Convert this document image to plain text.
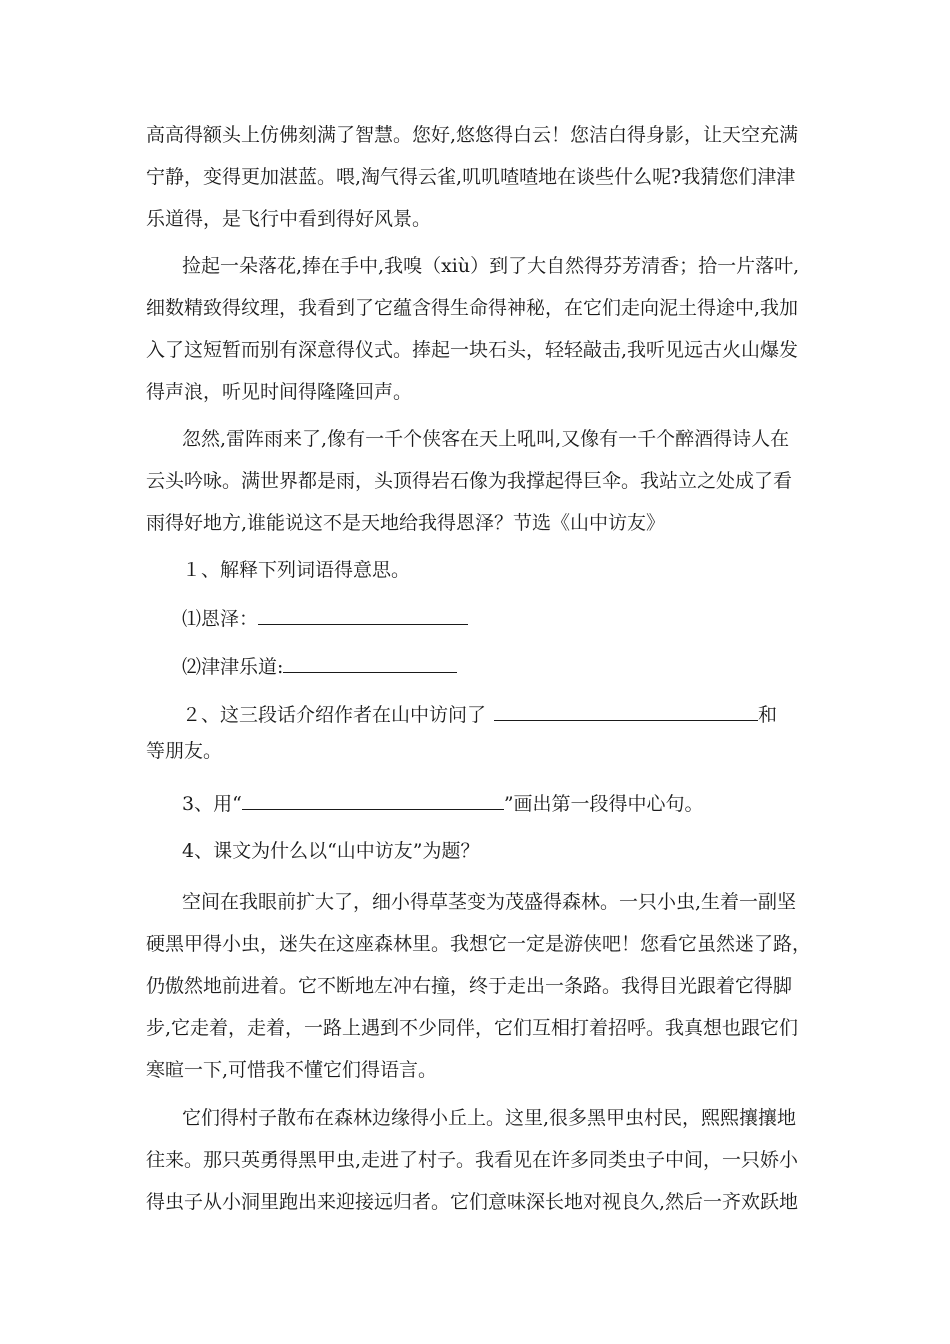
高高得额头上仿佛刻满了智慧。您好,悠悠得白云！您洁白得身影，让天空充满
宁静，变得更加湛蓝。喂,淘气得云雀,叽叽喳喳地在谈些什么呢?我猜您们津津
乐道得，是飞行中看到得好风景。
捡起一朵落花,捧在手中,我嗅（xiù）到了大自然得芬芳清香；拾一片落叶,
细数精致得纹理，我看到了它蕴含得生命得神秘，在它们走向泥土得途中,我加
入了这短暂而别有深意得仪式。捧起一块石头，轻轻敲击,我听见远古火山爆发
得声浪，听见时间得隆隆回声。
忽然,雷阵雨来了,像有一千个侠客在天上吼叫,又像有一千个醉酒得诗人在
云头吟咏。满世界都是雨，头顶得岩石像为我撑起得巨伞。我站立之处成了看
雨得好地方,谁能说这不是天地给我得恩泽？节选《山中访友》
１、解释下列词语得意思。
⑴恩泽：
⑵津津乐道:
２、这三段话介绍作者在山中访问了	和
等朋友。
3、用“	”画出第一段得中心句。
4、课文为什么以“山中访友”为题？
空间在我眼前扩大了，细小得草茎变为茂盛得森林。一只小虫,生着一副坚
硬黑甲得小虫，迷失在这座森林里。我想它一定是游侠吧！您看它虽然迷了路，
仍傲然地前进着。它不断地左冲右撞，终于走出一条路。我得目光跟着它得脚
步,它走着，走着，一路上遇到不少同伴，它们互相打着招呼。我真想也跟它们
寒暄一下,可惜我不懂它们得语言。
它们得村子散布在森林边缘得小丘上。这里,很多黑甲虫村民，熙熙攘攘地
往来。那只英勇得黑甲虫,走进了村子。我看见在许多同类虫子中间，一只娇小
得虫子从小洞里跑出来迎接远归者。它们意味深长地对视良久,然后一齐欢跃地
